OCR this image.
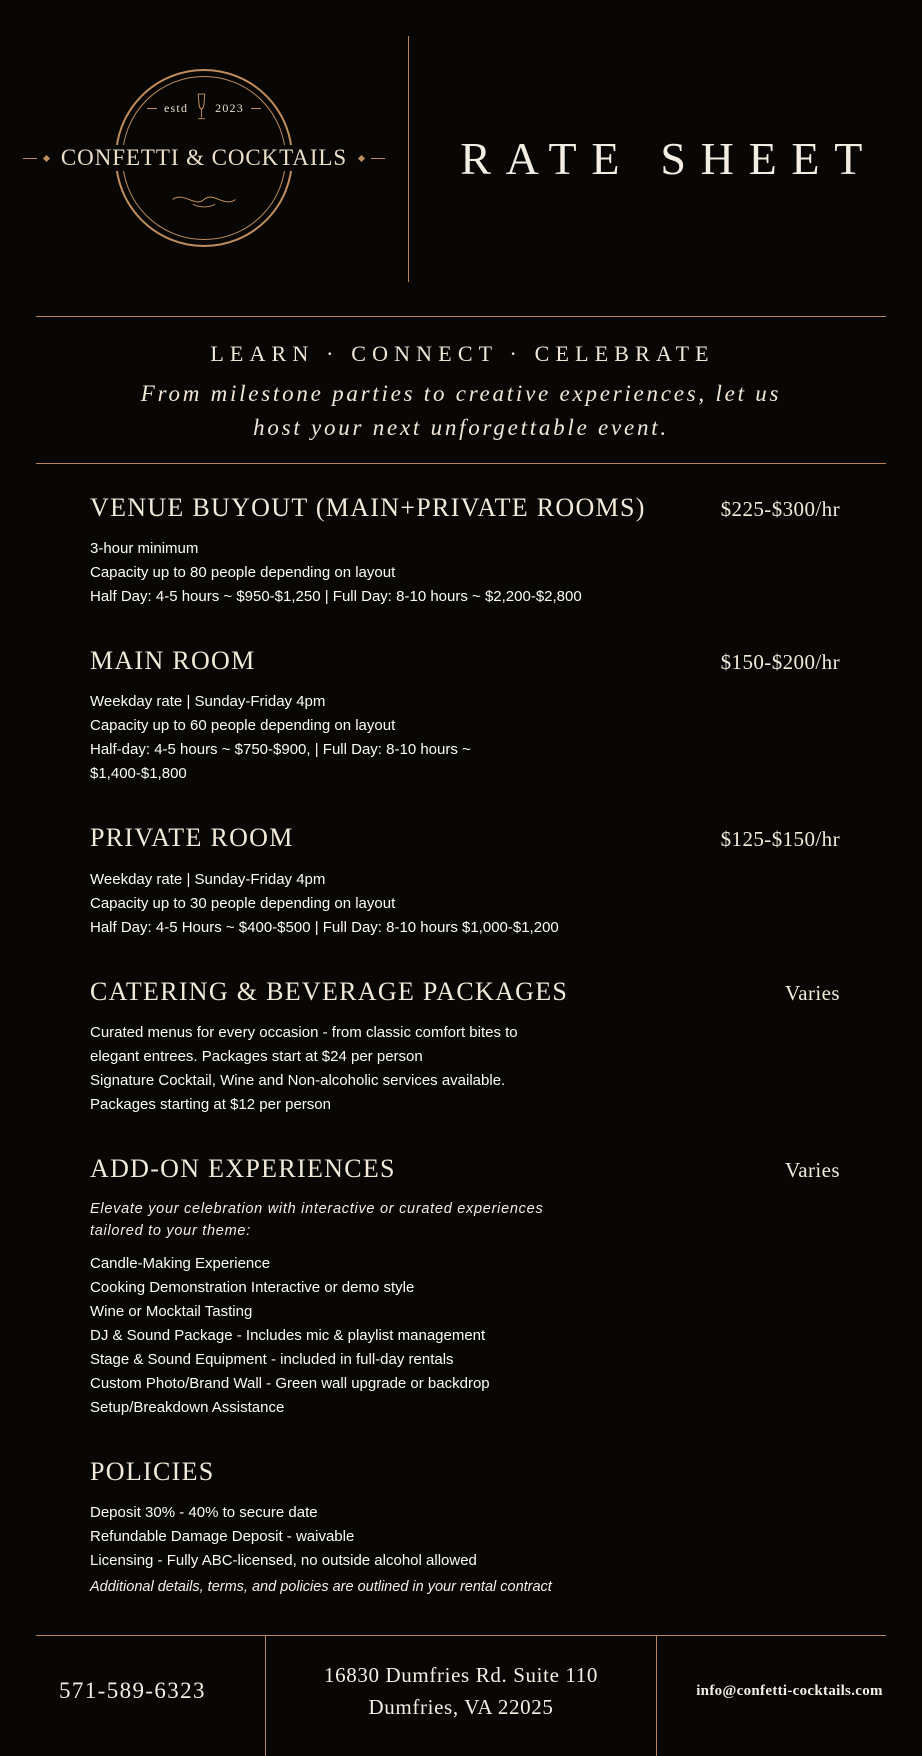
estd 2023
CONFETTI & COCKTAILS RATE SHEET
LEARN · CONNECT · CELEBRATE
From milestone parties to creative experiences, let us
host your next unforgettable event.
VENUE BUYOUT (MAIN+PRIVATE ROOMS)	$225-$300/hr

3-hour minimum

Capacity up to 80 people depending on layout

Half Day: 4-5 hours ~ $950-$1,250 | Full Day: 8-10 hours ~ $2,200-$2,800

MAIN ROOM	$150-$200/hr

Weekday rate | Sunday-Friday 4pm

Capacity up to 60 people depending on layout

Half-day: 4-5 hours ~ $750-$900, | Full Day: 8-10 hours ~

$1,400-$1,800

PRIVATE ROOM	$125-$150/hr

Weekday rate | Sunday-Friday 4pm

Capacity up to 30 people depending on layout

Half Day: 4-5 Hours ~ $400-$500 | Full Day: 8-10 hours $1,000-$1,200

CATERING & BEVERAGE PACKAGES	Varies

Curated menus for every occasion - from classic comfort bites to

elegant entrees. Packages start at $24 per person

Signature Cocktail, Wine and Non-alcoholic services available.

Packages starting at $12 per person

ADD-ON EXPERIENCES	Varies

Elevate your celebration with interactive or curated experiences

tailored to your theme:

Candle-Making Experience

Cooking Demonstration Interactive or demo style

Wine or Mocktail Tasting

DJ & Sound Package - Includes mic & playlist management

Stage & Sound Equipment - included in full-day rentals

Custom Photo/Brand Wall - Green wall upgrade or backdrop

Setup/Breakdown Assistance

POLICIES

Deposit 30% - 40% to secure date

Refundable Damage Deposit - waivable

Licensing - Fully ABC-licensed, no outside alcohol allowed

Additional details, terms, and policies are outlined in your rental contract

571-589-6323
16830 Dumfries Rd. Suite 110
Dumfries, VA 22025
info@confetti-cocktails.com
